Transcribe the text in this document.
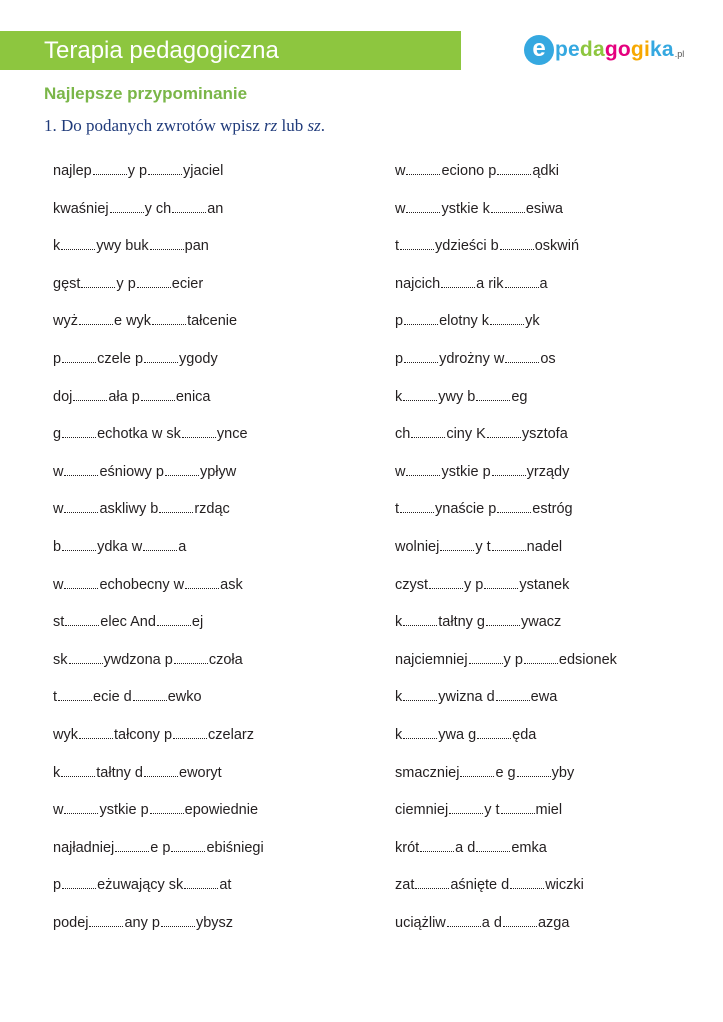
Terapia pedagogiczna	e pedagogika .pl
Najlepsze przypominanie
1. Do podanych zwrotów wpisz rz lub sz.
najlep y p yjaciel
kwaśniej y ch an
k ywy buk pan
gęst y p ecier
wyż e wyk tałcenie
p czele p ygody
doj ała p enica
g echotka w sk ynce
w eśniowy p ypływ
w askliwy b rzdąc
b ydka w a
w echobecny w ask
st elec And ej
sk ywdzona p czoła
t ecie d ewko
wyk tałcony p czelarz
k tałtny d eworyt
w ystkie p epowiednie
najładniej e p ebiśniegi
p eżuwający sk at
podej any p ybysz
w eciono p ądki
w ystkie k esiwa
t ydzieści b oskwiń
najcich a rik a
p elotny k yk
p ydrożny w os
k ywy b eg
ch ciny K ysztofa
w ystkie p yrządy
t ynaście p estróg
wolniej y t nadel
czyst y p ystanek
k tałtny g ywacz
najciemniej y p edsionek
k ywizna d ewa
k ywa g ęda
smaczniej e g yby
ciemniej y t miel
krót a d emka
zat aśnięte d wiczki
uciążliw a d azga
